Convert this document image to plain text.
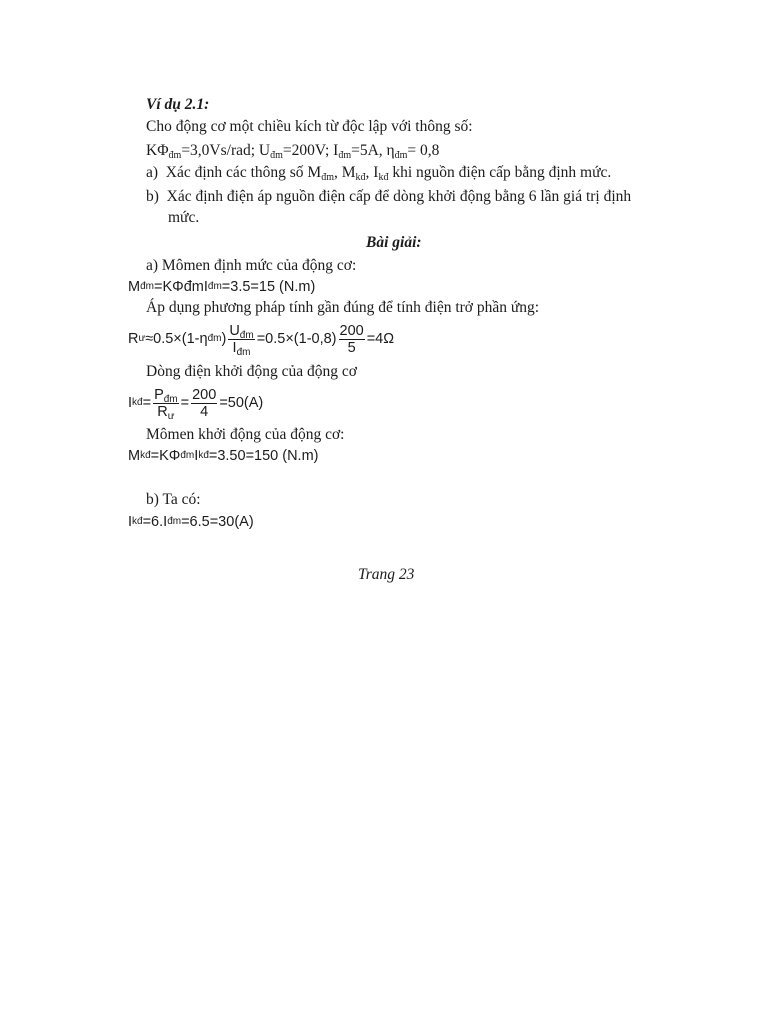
Ví dụ 2.1:
Cho động cơ một chiều kích từ độc lập với thông số:
$K\Phi_{đm}=3,0Vs$/rad; $U_{đm}=200V$; $I_{đm}=5A$, $\eta_{đm}= 0,8$
a) Xác định các thông số $M_{đm}$, $M_{kđ}$, $I_{kđ}$ khi nguồn điện cấp bằng định mức.
b) Xác định điện áp nguồn điện cấp để dòng khởi động bằng 6 lần giá trị định
mức.
Bài giải:
a) Mômen định mức của động cơ:
M đm =KΦđmI đm =3.5=15 (N.m)
Áp dụng phương pháp tính gần đúng để tính điện trở phần ứng:
R ư ≈0.5×(1-η đm ) $\frac{U_{đm}}{I_{đm}} =0.5\times(1-0,8) \frac{200}{5} =4\Omega$
Dòng điện khởi động của động cơ
I kđ = $\frac{P_{đm}}{R_ư} = \frac{200}{4} =50(A)$
Mômen khởi động của động cơ:
M kđ =KΦ đm I kđ =3.50=150 (N.m)
b) Ta có:
I kđ =6.I đm =6.5=30(A)
Trang 23
